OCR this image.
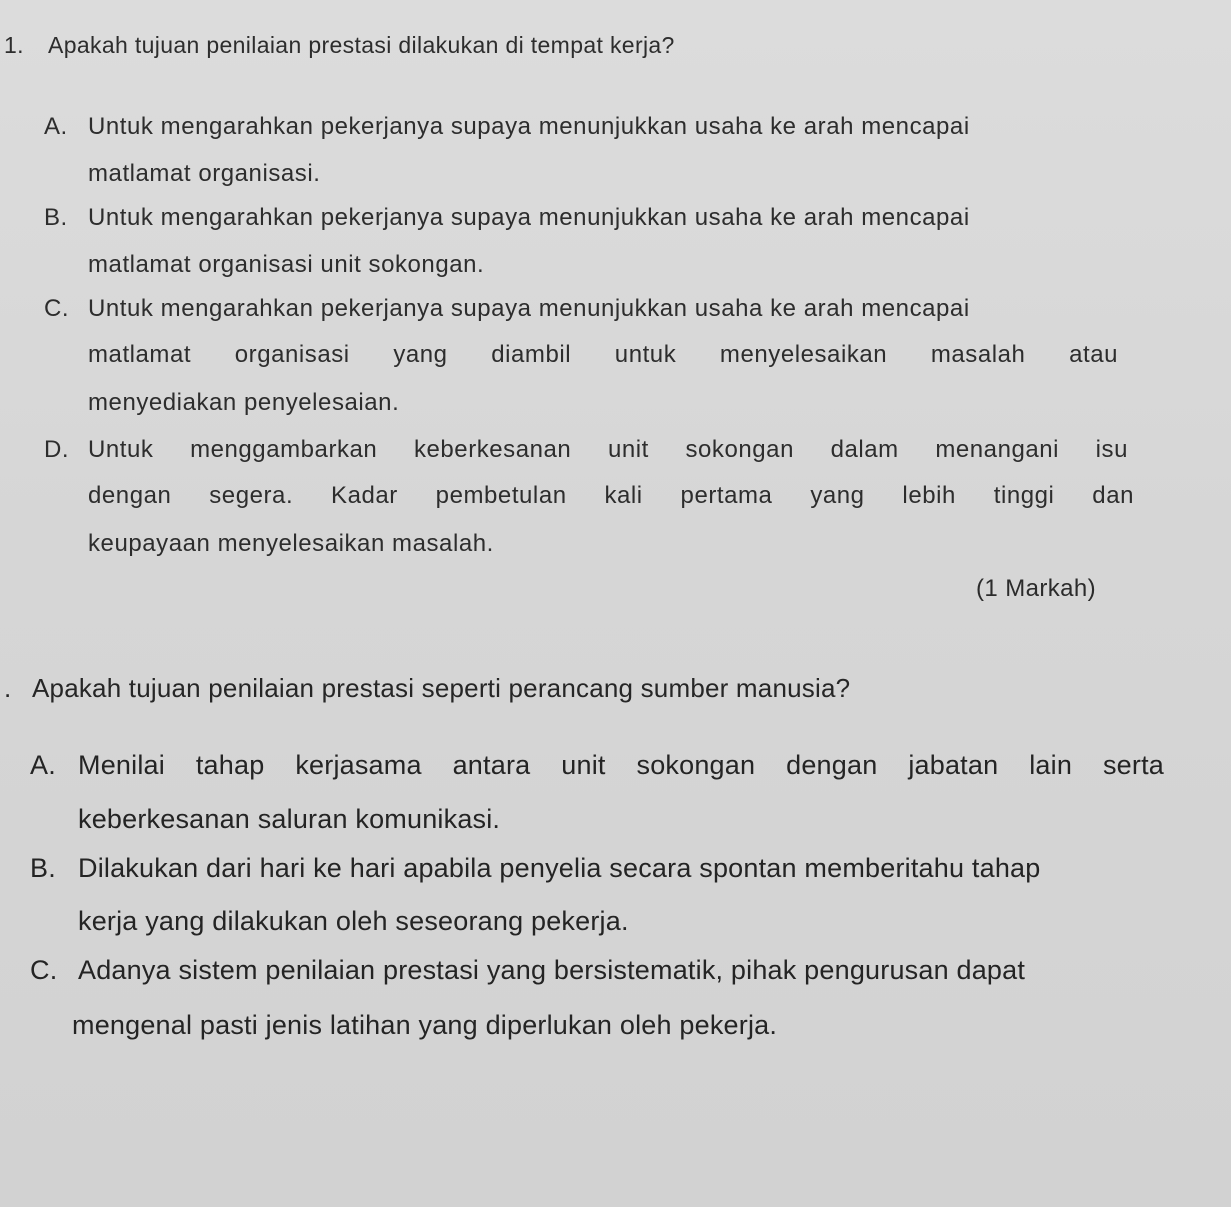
1. Apakah tujuan penilaian prestasi dilakukan di tempat kerja?
A. Untuk mengarahkan pekerjanya supaya menunjukkan usaha ke arah mencapai
matlamat organisasi.
B. Untuk mengarahkan pekerjanya supaya menunjukkan usaha ke arah mencapai
matlamat organisasi unit sokongan.
C. Untuk mengarahkan pekerjanya supaya menunjukkan usaha ke arah mencapai
matlamat organisasi yang diambil untuk menyelesaikan masalah atau
menyediakan penyelesaian.
D. Untuk menggambarkan keberkesanan unit sokongan dalam menangani isu
dengan segera. Kadar pembetulan kali pertama yang lebih tinggi dan
keupayaan menyelesaikan masalah.
(1 Markah)
. Apakah tujuan penilaian prestasi seperti perancang sumber manusia?
A. Menilai tahap kerjasama antara unit sokongan dengan jabatan lain serta
keberkesanan saluran komunikasi.
B. Dilakukan dari hari ke hari apabila penyelia secara spontan memberitahu tahap
kerja yang dilakukan oleh seseorang pekerja.
C. Adanya sistem penilaian prestasi yang bersistematik, pihak pengurusan dapat
mengenal pasti jenis latihan yang diperlukan oleh pekerja.
